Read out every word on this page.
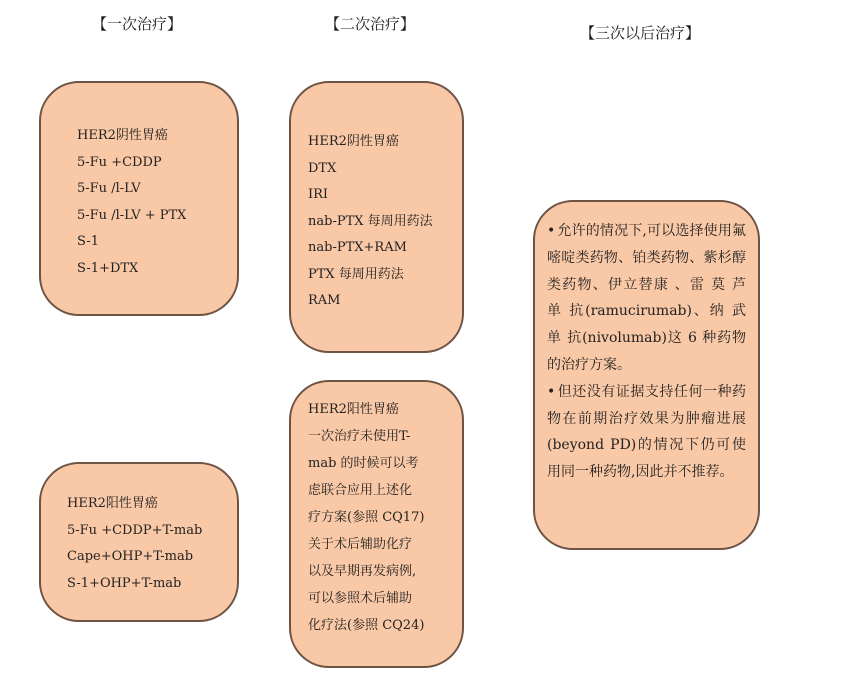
【一次治疗】	【二次治疗】	【三次以后治疗】
HER2阴性胃癌
5-Fu +CDDP
5-Fu /l-LV
5-Fu /l-LV + PTX
S-1
S-1+DTX
HER2阳性胃癌
5-Fu +CDDP+T-mab
Cape+OHP+T-mab
S-1+OHP+T-mab
HER2阴性胃癌
DTX
IRI
nab-PTX 每周用药法
nab-PTX+RAM
PTX 每周用药法
RAM
HER2阳性胃癌
一次治疗未使用T-
mab 的时候可以考
虑联合应用上述化
疗方案(参照 CQ17)
关于术后辅助化疗
以及早期再发病例,
可以参照术后辅助
化疗法(参照 CQ24)
• 允许的情况下,可以选择使用氟嘧啶类药物、铂类药物、紫杉醇类药物、伊立替康 、雷 莫 芦 单 抗(ramucirumab)、纳 武 单 抗(nivolumab)这 6 种药物的治疗方案。
• 但还没有证据支持任何一种药物在前期治疗效果为肿瘤进展(beyond PD)的情况下仍可使用同一种药物,因此并不推荐。
